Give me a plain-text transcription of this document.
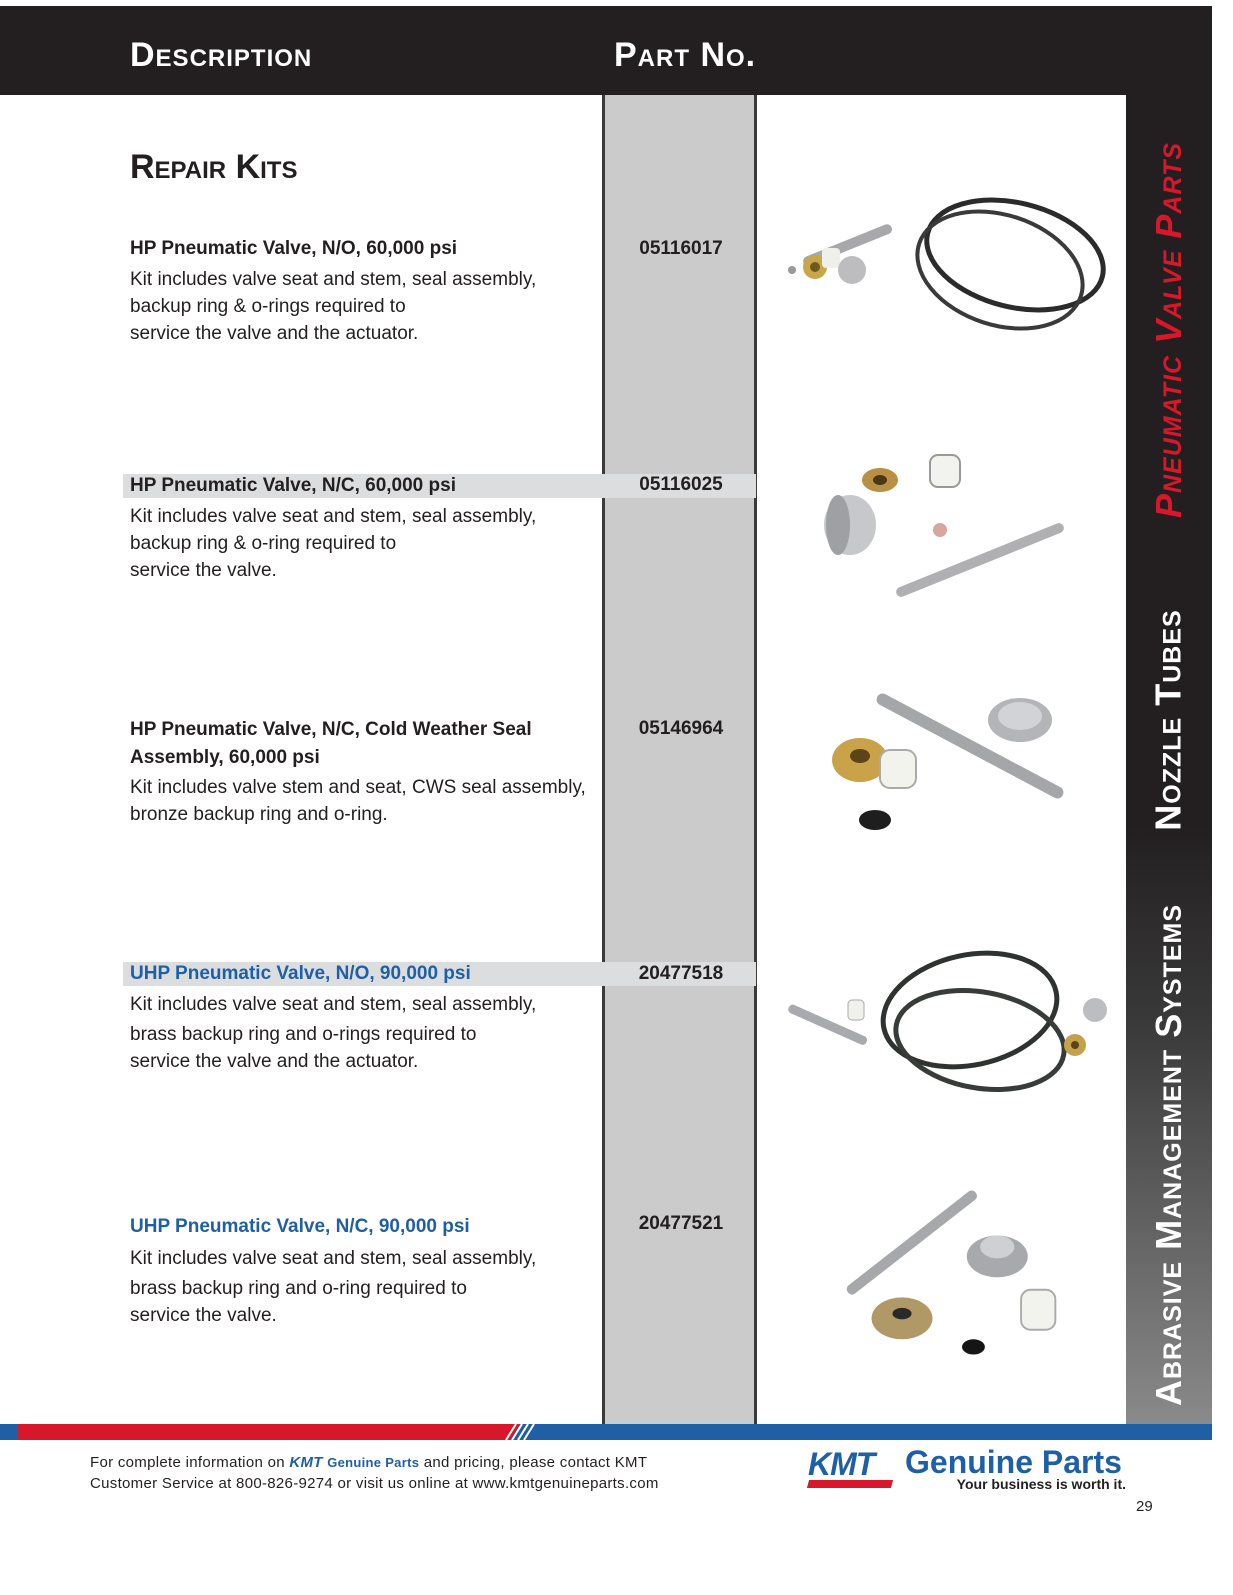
Description	Part No.
Pneumatic Valve Parts
Nozzle Tubes
Abrasive Management Systems
Repair Kits
HP Pneumatic Valve, N/O, 60,000 psi
Kit includes valve seat and stem, seal assembly,
backup ring & o-rings required to
service the valve and the actuator.
05116017
HP Pneumatic Valve, N/C, 60,000 psi
Kit includes valve seat and stem, seal assembly,
backup ring & o-ring required to
service the valve.
05116025
HP Pneumatic Valve, N/C, Cold Weather Seal
Assembly, 60,000 psi
Kit includes valve stem and seat, CWS seal assembly,
bronze backup ring and o-ring.
05146964
UHP Pneumatic Valve, N/O, 90,000 psi
Kit includes valve seat and stem, seal assembly,
brass backup ring and o-rings required to
service the valve and the actuator.
20477518
UHP Pneumatic Valve, N/C, 90,000 psi
Kit includes valve seat and stem, seal assembly,
brass backup ring and o-ring required to
service the valve.
20477521
For complete information on KMT Genuine Parts and pricing, please contact KMT
Customer Service at 800-826-9274 or visit us online at www.kmtgenuineparts.com
KMT Genuine Parts
Your business is worth it.
29
